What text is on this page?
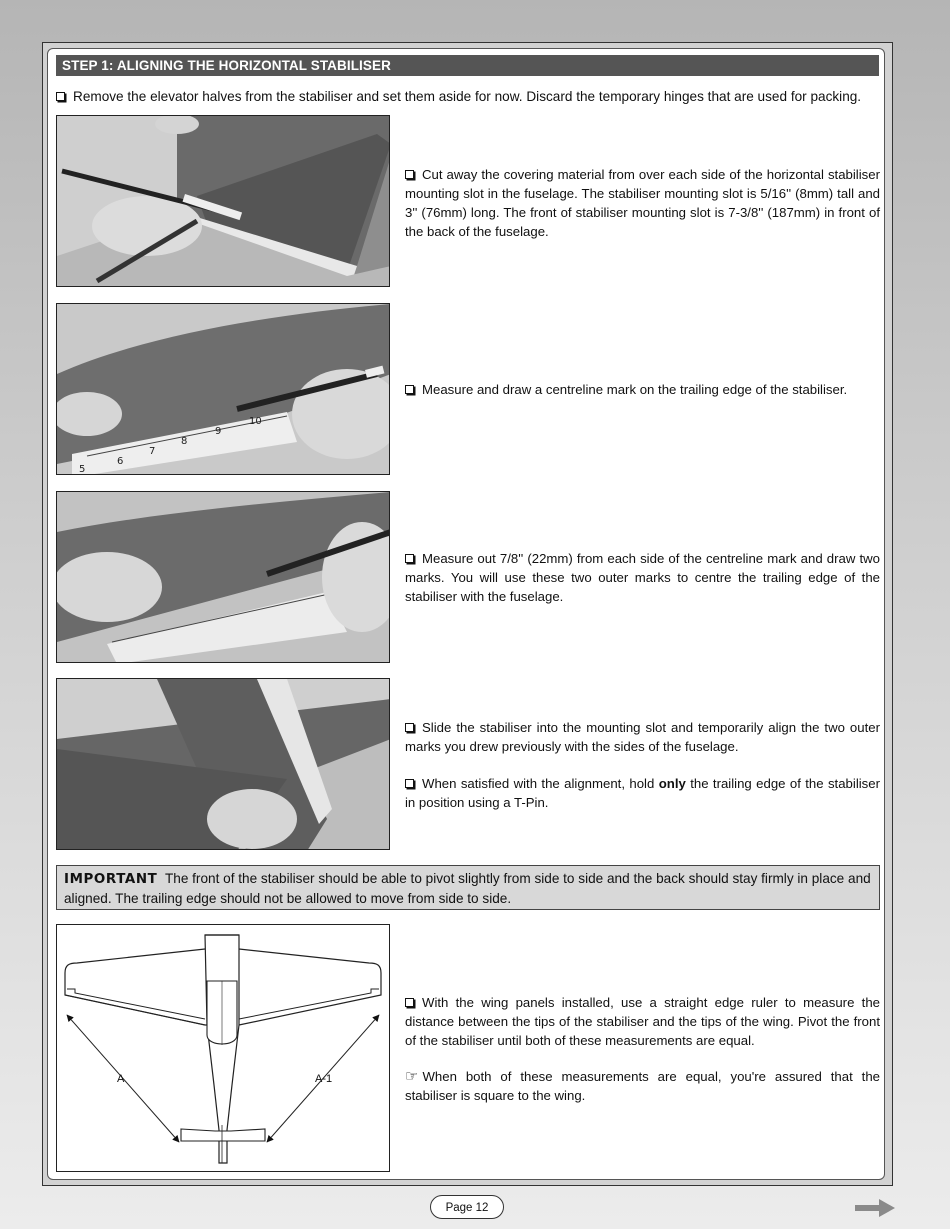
STEP 1: ALIGNING THE HORIZONTAL STABILISER
Remove the elevator halves from the stabiliser and set them aside for now. Discard the temporary hinges that are used for packing.
Cut away the covering material from over each side of the horizontal stabiliser mounting slot in the fuselage. The stabiliser mounting slot is 5/16'' (8mm) tall and 3'' (76mm) long. The front of stabiliser mounting slot is 7-3/8'' (187mm) in front of the back of the fuselage.
5
6
7
8
9
10
Measure and draw a centreline mark on the trailing edge of the stabiliser.
Measure out 7/8'' (22mm) from each side of the centreline mark and draw two marks. You will use these two outer marks to centre the trailing edge of the stabiliser with the fuselage.
Slide the stabiliser into the mounting slot and temporarily align the two outer marks you drew previously with the sides of the fuselage.
When satisfied with the alignment, hold only the trailing edge of the stabiliser in position using a T-Pin.
IMPORTANT The front of the stabiliser should be able to pivot slightly from side to side and the back should stay firmly in place and aligned. The trailing edge should not be allowed to move from side to side.
A	A-1
With the wing panels installed, use a straight edge ruler to measure the distance between the tips of the stabiliser and the tips of the wing. Pivot the front of the stabiliser until both of these measurements are equal.
☞ When both of these measurements are equal, you're assured that the stabiliser is square to the wing.
Page 12
